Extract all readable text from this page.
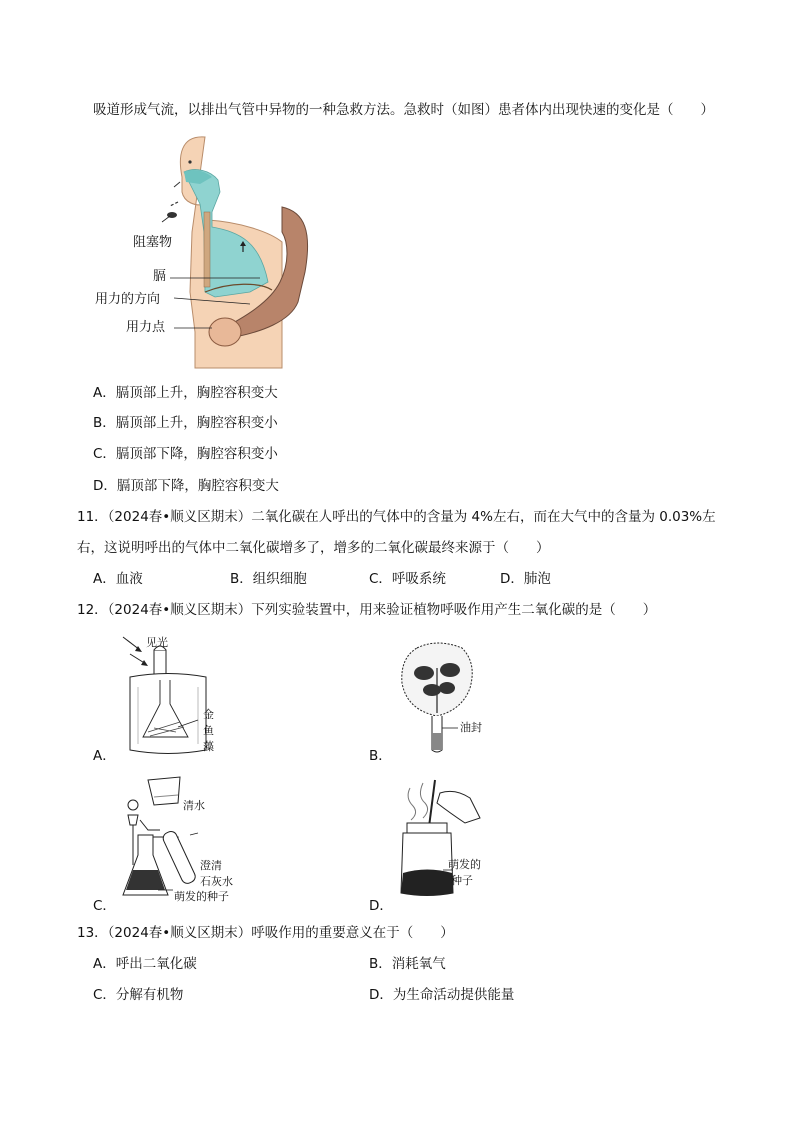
吸道形成气流，以排出气管中异物的一种急救方法。急救时（如图）患者体内出现快速的变化是（　　）
阻塞物
膈
用力的方向
用力点
A．膈顶部上升，胸腔容积变大
B．膈顶部上升，胸腔容积变小
C．膈顶部下降，胸腔容积变小
D．膈顶部下降，胸腔容积变大
11．（2024春•顺义区期末）二氧化碳在人呼出的气体中的含量为 4%左右，而在大气中的含量为 0.03%左
右，这说明呼出的气体中二氧化碳增多了，增多的二氧化碳最终来源于（　　）
A．血液	B．组织细胞	C．呼吸系统	D．肺泡
12．（2024春•顺义区期末）下列实验装置中，用来验证植物呼吸作用产生二氧化碳的是（　　）
见光
金
鱼
藻
A．
油封
B．
清水
澄清
石灰水
萌发的种子
C．
萌发的
种子
D．
13．（2024春•顺义区期末）呼吸作用的重要意义在于（　　）
A．呼出二氧化碳	B．消耗氧气
C．分解有机物	D．为生命活动提供能量
